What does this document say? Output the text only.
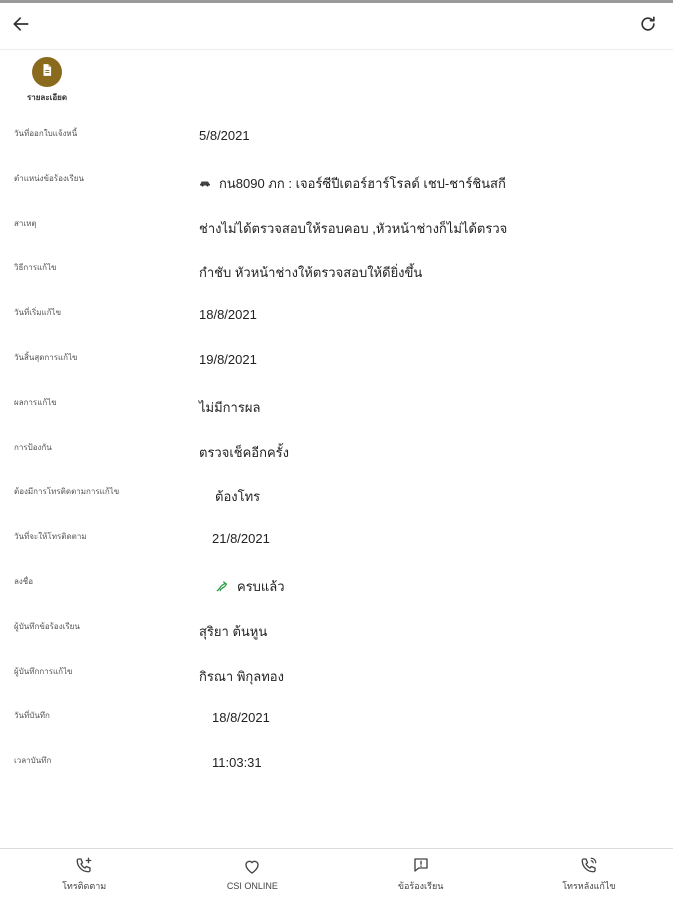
รายละเอียด
วันที่ออกใบแจ้งหนี้	5/8/2021
ตำแหน่งข้อร้องเรียน	กน8090 ภก : เจอร์ซีปีเตอร์ฮาร์โรลด์ เชป-ชาร์ชินสกี
สาเหตุ	ช่างไม่ได้ตรวจสอบให้รอบคอบ ,หัวหน้าช่างก็ไม่ได้ตรวจ
วิธีการแก้ไข	กำชับ หัวหน้าช่างให้ตรวจสอบให้ดียิ่งขึ้น
วันที่เริ่มแก้ไข	18/8/2021
วันสิ้นสุดการแก้ไข	19/8/2021
ผลการแก้ไข	ไม่มีการผล
การป้องกัน	ตรวจเช็คอีกครั้ง
ต้องมีการโทรติดตามการแก้ไข	ต้องโทร
วันที่จะให้โทรติดตาม	21/8/2021
ลงชื่อ	ครบแล้ว
ผู้บันทึกข้อร้องเรียน	สุริยา ต้นหูน
ผู้บันทึกการแก้ไข	กิรณา พิกุลทอง
วันที่บันทึก	18/8/2021
เวลาบันทึก	11:03:31
โทรติดตาม	CSI ONLINE	ข้อร้องเรียน	โทรหลังแก้ไข
